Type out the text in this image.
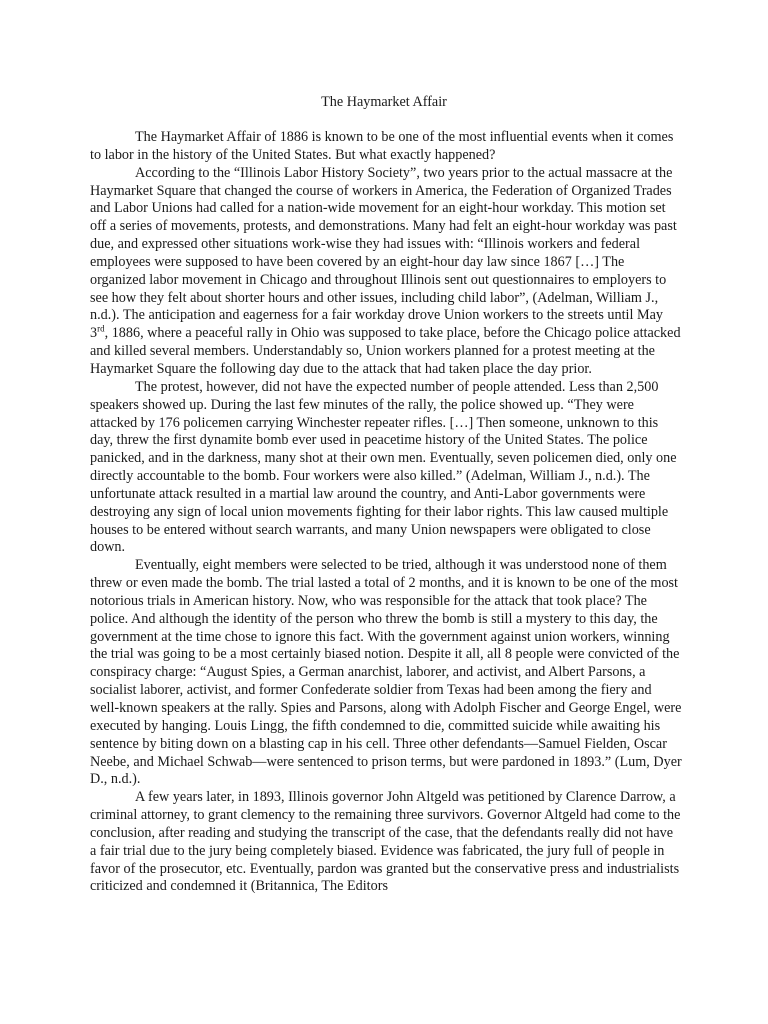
The Haymarket Affair

The Haymarket Affair of 1886 is known to be one of the most influential events when it comes to labor in the history of the United States. But what exactly happened?

According to the “Illinois Labor History Society”, two years prior to the actual massacre at the Haymarket Square that changed the course of workers in America, the Federation of Organized Trades and Labor Unions had called for a nation-wide movement for an eight-hour workday. This motion set off a series of movements, protests, and demonstrations. Many had felt an eight-hour workday was past due, and expressed other situations work-wise they had issues with: “Illinois workers and federal employees were supposed to have been covered by an eight-hour day law since 1867 […] The organized labor movement in Chicago and throughout Illinois sent out questionnaires to employers to see how they felt about shorter hours and other issues, including child labor”, (Adelman, William J., n.d.). The anticipation and eagerness for a fair workday drove Union workers to the streets until May 3rd, 1886, where a peaceful rally in Ohio was supposed to take place, before the Chicago police attacked and killed several members. Understandably so, Union workers planned for a protest meeting at the Haymarket Square the following day due to the attack that had taken place the day prior.

The protest, however, did not have the expected number of people attended. Less than 2,500 speakers showed up. During the last few minutes of the rally, the police showed up. “They were attacked by 176 policemen carrying Winchester repeater rifles. […] Then someone, unknown to this day, threw the first dynamite bomb ever used in peacetime history of the United States. The police panicked, and in the darkness, many shot at their own men. Eventually, seven policemen died, only one directly accountable to the bomb. Four workers were also killed.” (Adelman, William J., n.d.). The unfortunate attack resulted in a martial law around the country, and Anti-Labor governments were destroying any sign of local union movements fighting for their labor rights. This law caused multiple houses to be entered without search warrants, and many Union newspapers were obligated to close down.

Eventually, eight members were selected to be tried, although it was understood none of them threw or even made the bomb. The trial lasted a total of 2 months, and it is known to be one of the most notorious trials in American history. Now, who was responsible for the attack that took place? The police. And although the identity of the person who threw the bomb is still a mystery to this day, the government at the time chose to ignore this fact. With the government against union workers, winning the trial was going to be a most certainly biased notion. Despite it all, all 8 people were convicted of the conspiracy charge: “August Spies, a German anarchist, laborer, and activist, and Albert Parsons, a socialist laborer, activist, and former Confederate soldier from Texas had been among the fiery and well-known speakers at the rally. Spies and Parsons, along with Adolph Fischer and George Engel, were executed by hanging. Louis Lingg, the fifth condemned to die, committed suicide while awaiting his sentence by biting down on a blasting cap in his cell. Three other defendants—Samuel Fielden, Oscar Neebe, and Michael Schwab—were sentenced to prison terms, but were pardoned in 1893.” (Lum, Dyer D., n.d.).

A few years later, in 1893, Illinois governor John Altgeld was petitioned by Clarence Darrow, a criminal attorney, to grant clemency to the remaining three survivors. Governor Altgeld had come to the conclusion, after reading and studying the transcript of the case, that the defendants really did not have a fair trial due to the jury being completely biased. Evidence was fabricated, the jury full of people in favor of the prosecutor, etc. Eventually, pardon was granted but the conservative press and industrialists criticized and condemned it (Britannica, The Editors
